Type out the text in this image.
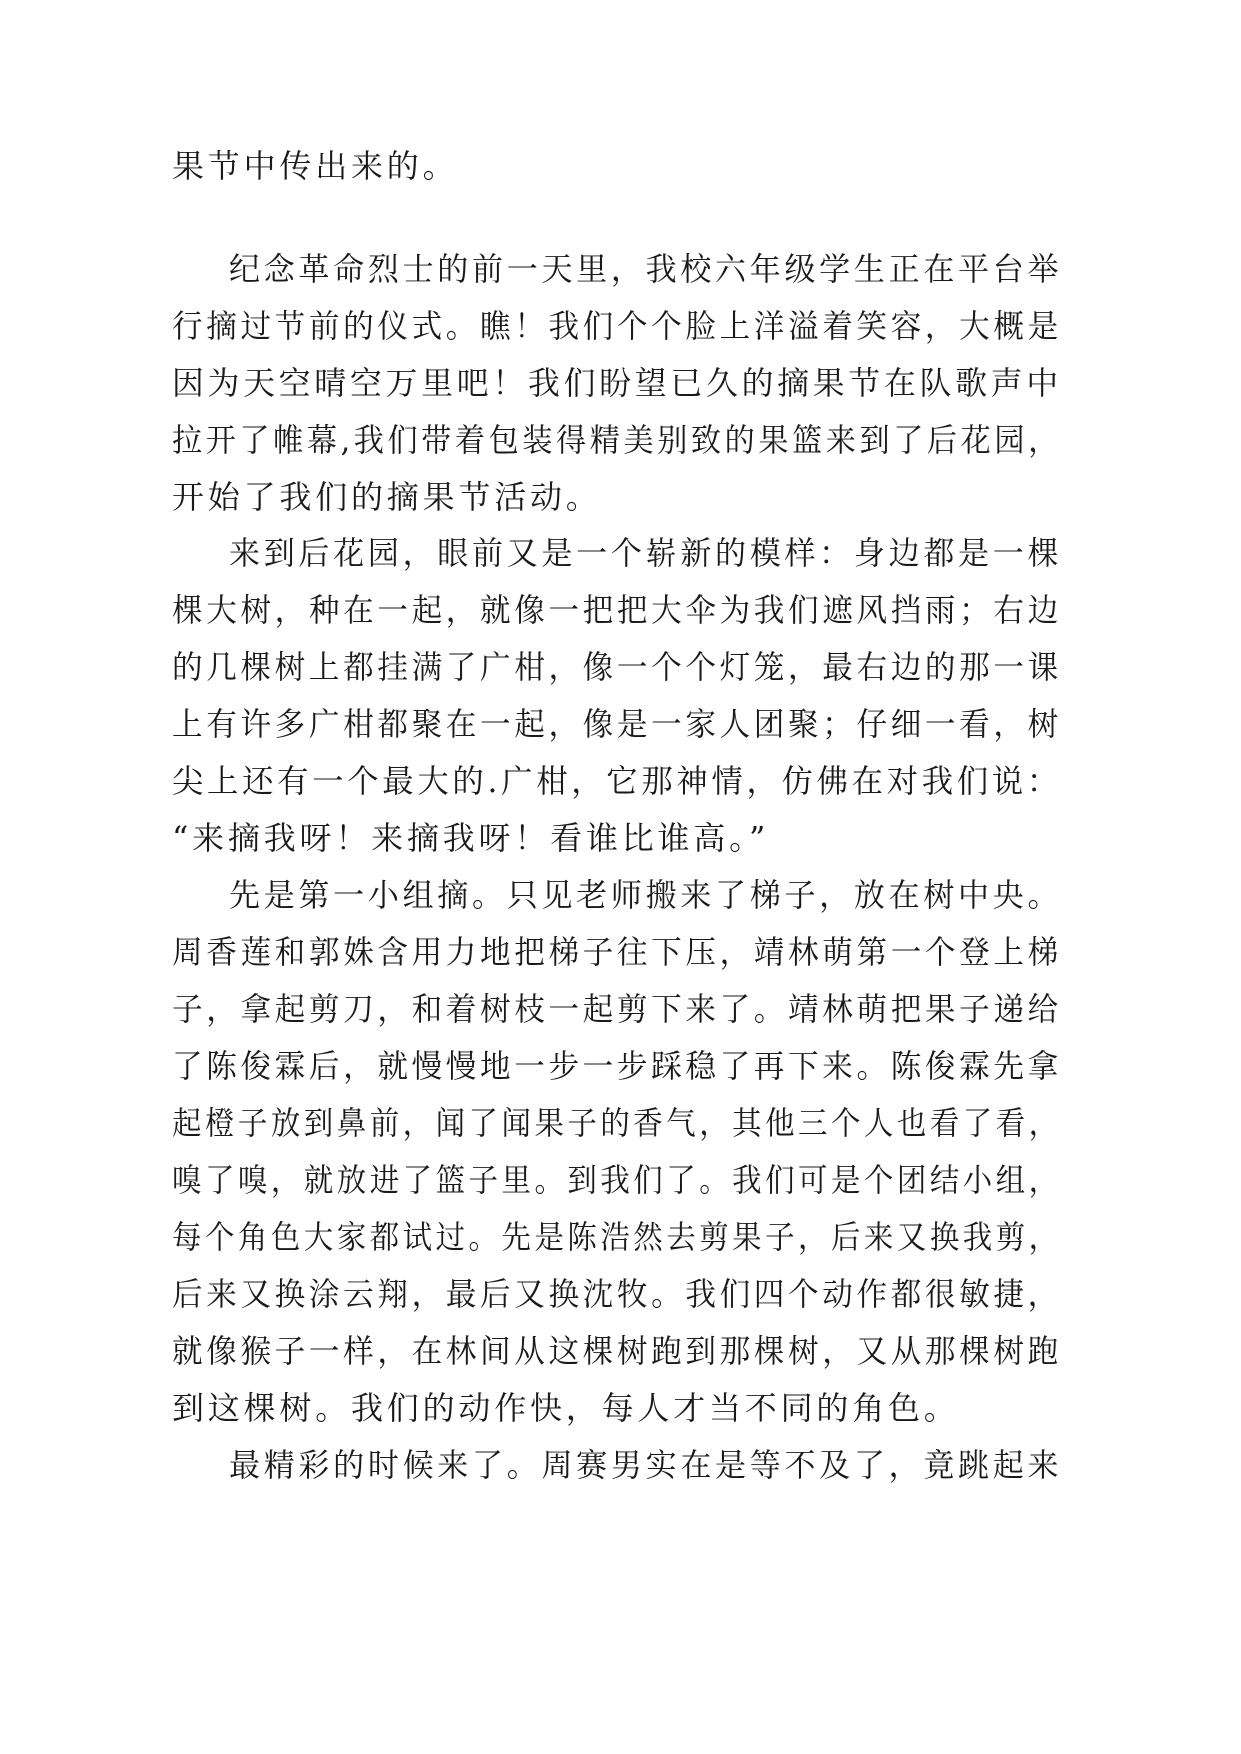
果节中传出来的。
纪念革命烈士的前一天里，我校六年级学生正在平台举
行摘过节前的仪式。瞧！我们个个脸上洋溢着笑容，大概是
因为天空晴空万里吧！我们盼望已久的摘果节在队歌声中
拉开了帷幕,我们带着包装得精美别致的果篮来到了后花园，
开始了我们的摘果节活动。
来到后花园，眼前又是一个崭新的模样：身边都是一棵
棵大树，种在一起，就像一把把大伞为我们遮风挡雨；右边
的几棵树上都挂满了广柑，像一个个灯笼，最右边的那一课
上有许多广柑都聚在一起，像是一家人团聚；仔细一看，树
尖上还有一个最大的.广柑，它那神情，仿佛在对我们说：
“来摘我呀！来摘我呀！看谁比谁高。”
先是第一小组摘。只见老师搬来了梯子，放在树中央。
周香莲和郭姝含用力地把梯子往下压，靖林萌第一个登上梯
子，拿起剪刀，和着树枝一起剪下来了。靖林萌把果子递给
了陈俊霖后，就慢慢地一步一步踩稳了再下来。陈俊霖先拿
起橙子放到鼻前，闻了闻果子的香气，其他三个人也看了看，
嗅了嗅，就放进了篮子里。到我们了。我们可是个团结小组，
每个角色大家都试过。先是陈浩然去剪果子，后来又换我剪，
后来又换涂云翔，最后又换沈牧。我们四个动作都很敏捷，
就像猴子一样，在林间从这棵树跑到那棵树，又从那棵树跑
到这棵树。我们的动作快，每人才当不同的角色。
最精彩的时候来了。周赛男实在是等不及了，竟跳起来
